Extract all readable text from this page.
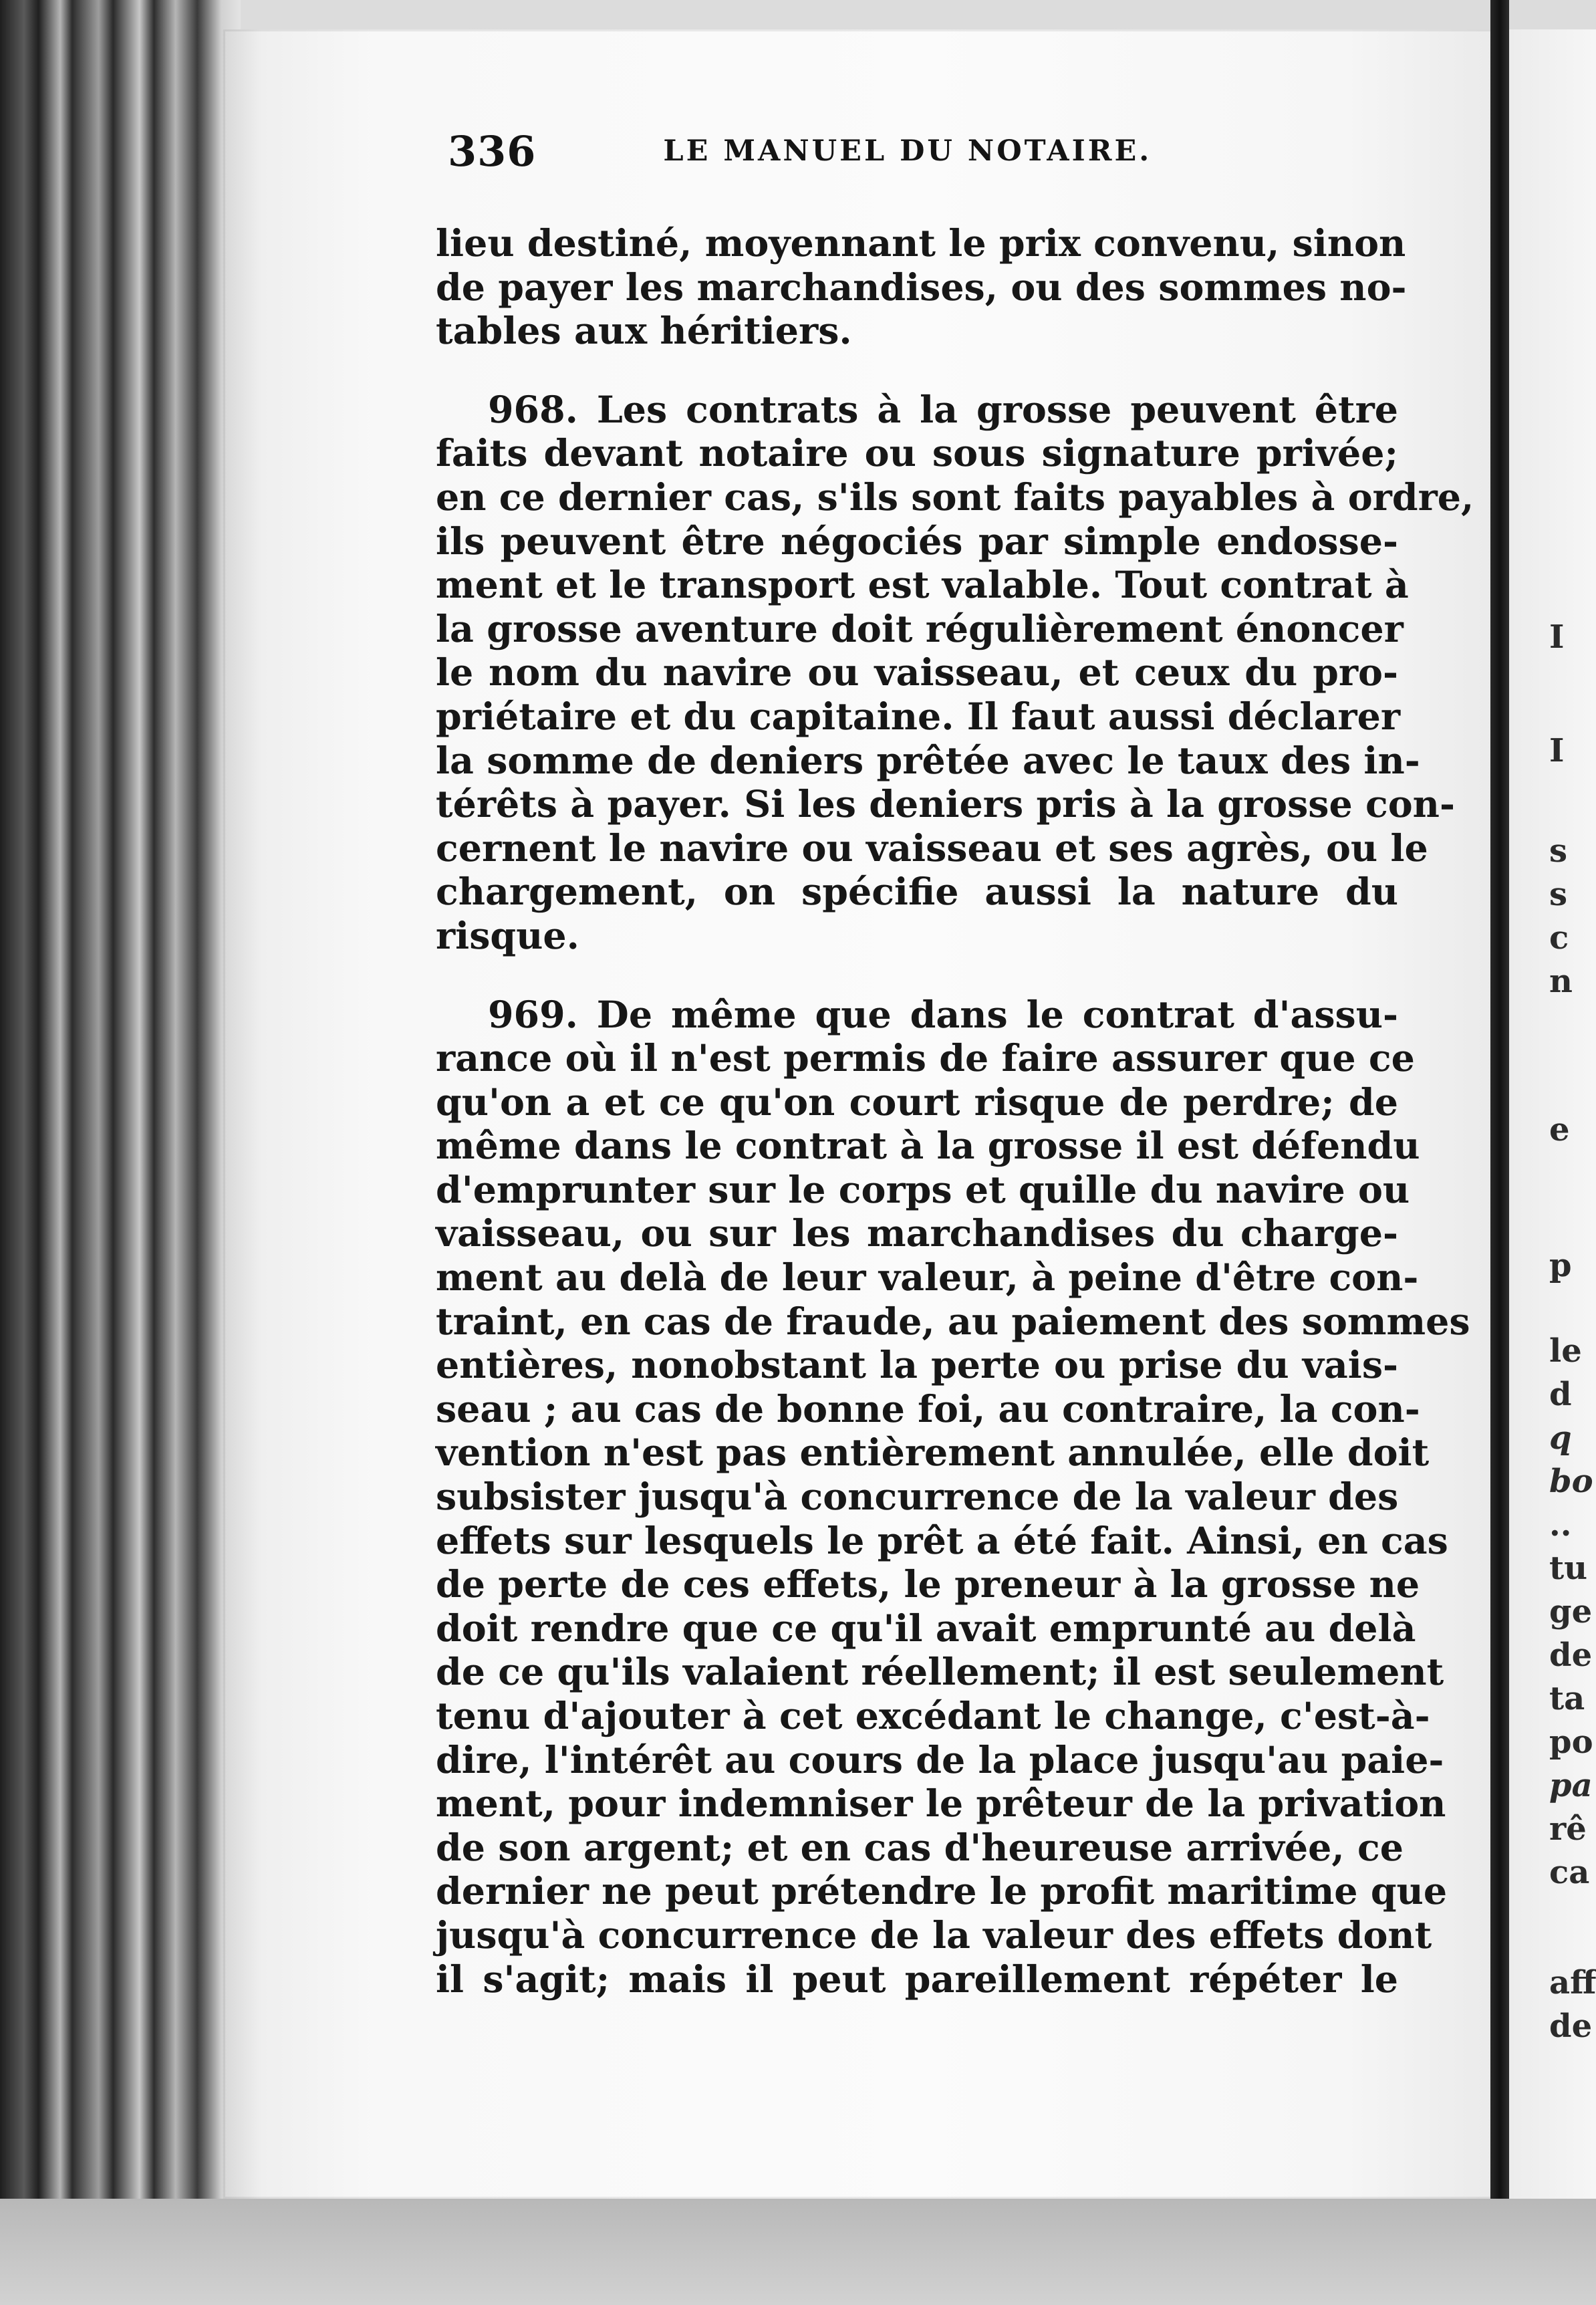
336	LE MANUEL DU NOTAIRE.
lieu destiné, moyennant le prix convenu, sinon
de payer les marchandises, ou des sommes no-
tables aux héritiers.
968. Les contrats à la grosse peuvent être
faits devant notaire ou sous signature privée;
en ce dernier cas, s'ils sont faits payables à ordre,
ils peuvent être négociés par simple endosse-
ment et le transport est valable. Tout contrat à
la grosse aventure doit régulièrement énoncer
le nom du navire ou vaisseau, et ceux du pro-
priétaire et du capitaine. Il faut aussi déclarer
la somme de deniers prêtée avec le taux des in-
térêts à payer. Si les deniers pris à la grosse con-
cernent le navire ou vaisseau et ses agrès, ou le
chargement, on spécifie aussi la nature du
risque.
969. De même que dans le contrat d'assu-
rance où il n'est permis de faire assurer que ce
qu'on a et ce qu'on court risque de perdre; de
même dans le contrat à la grosse il est défendu
d'emprunter sur le corps et quille du navire ou
vaisseau, ou sur les marchandises du charge-
ment au delà de leur valeur, à peine d'être con-
traint, en cas de fraude, au paiement des sommes
entières, nonobstant la perte ou prise du vais-
seau ; au cas de bonne foi, au contraire, la con-
vention n'est pas entièrement annulée, elle doit
subsister jusqu'à concurrence de la valeur des
effets sur lesquels le prêt a été fait. Ainsi, en cas
de perte de ces effets, le preneur à la grosse ne
doit rendre que ce qu'il avait emprunté au delà
de ce qu'ils valaient réellement; il est seulement
tenu d'ajouter à cet excédant le change, c'est-à-
dire, l'intérêt au cours de la place jusqu'au paie-
ment, pour indemniser le prêteur de la privation
de son argent; et en cas d'heureuse arrivée, ce
dernier ne peut prétendre le profit maritime que
jusqu'à concurrence de la valeur des effets dont
il s'agit; mais il peut pareillement répéter le
I
I
s
s
c
n
e
p
le
d
q
bo
..
tu
ge
de
ta
po
pa
rê
ca
aff
de
